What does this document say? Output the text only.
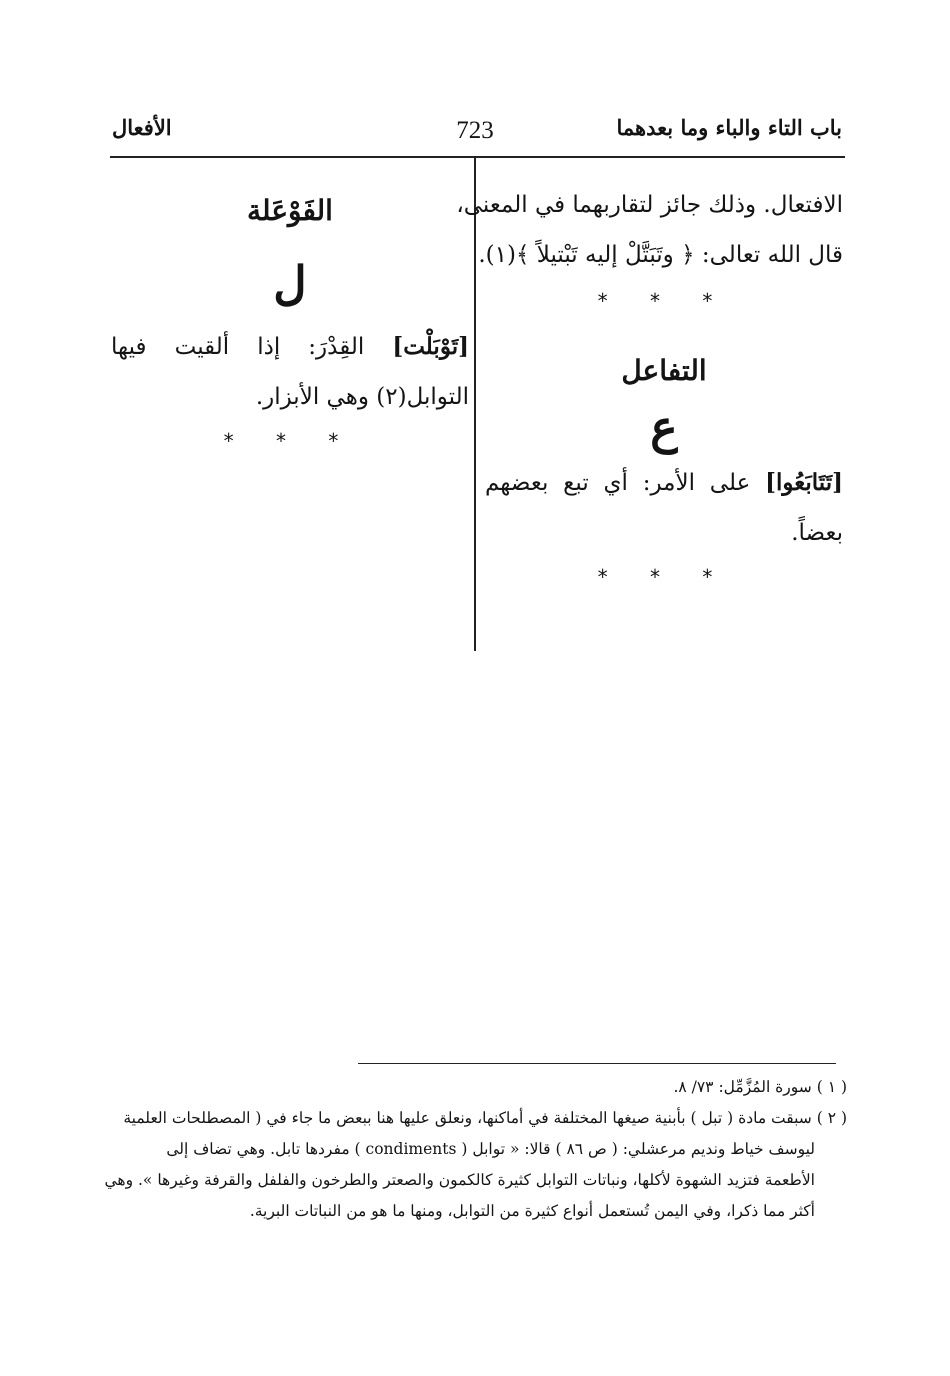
باب التاء والباء وما بعدهما
723
الأفعال

الافتعال. وذلك جائز لتقاربهما في المعنى،

قال الله تعالى: ﴿ وتَبَتَّلْ إليه تَبْتيلاً ﴾(١).

* * *

التفاعل

ع

[تَتَابَعُوا] على الأمر: أي تبع بعضهم

بعضاً.

* * *

الفَوْعَلة

ل

[تَوْبَلْت] القِدْرَ: إذا ألقيت فيها

التوابل(٢) وهي الأبزار.

* * *

( ١ ) سورة المُزَّمِّل: ٧٣/ ٨.

( ٢ ) سبقت مادة ( تبل ) بأبنية صيغها المختلفة في أماكنها، ونعلق عليها هنا ببعض ما جاء في ( المصطلحات العلمية

ليوسف خياط ونديم مرعشلي: ( ص ٨٦ ) قالا: « توابل ( condiments ) مفردها تابل. وهي تضاف إلى

الأطعمة فتزيد الشهوة لأكلها، ونباتات التوابل كثيرة كالكمون والصعتر والطرخون والفلفل والقرفة وغيرها ». وهي

أكثر مما ذكرا، وفي اليمن تُستعمل أنواع كثيرة من التوابل، ومنها ما هو من النباتات البرية.
